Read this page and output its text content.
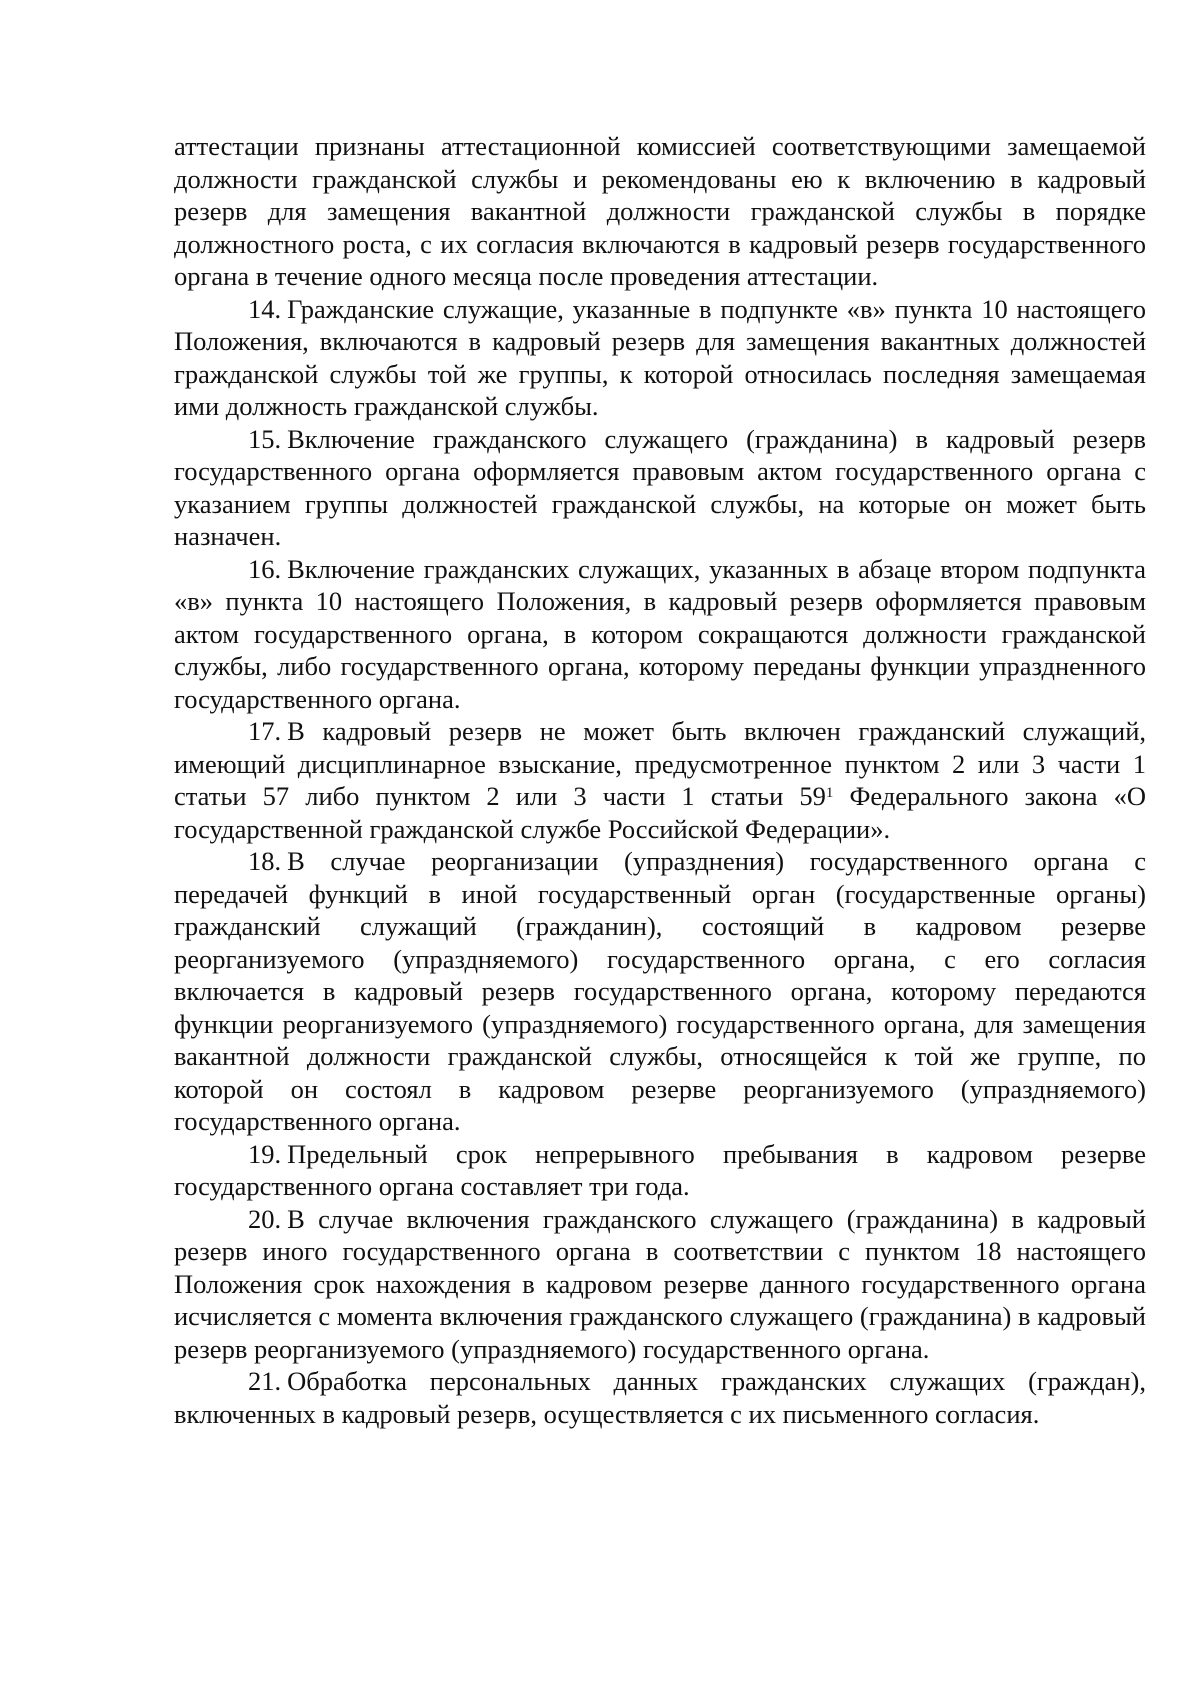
аттестации признаны аттестационной комиссией соответствующими замещаемой должности гражданской службы и рекомендованы ею к включению в кадровый резерв для замещения вакантной должности гражданской службы в порядке должностного роста, с их согласия включаются в кадровый резерв государственного органа в течение одного месяца после проведения аттестации.

14. Гражданские служащие, указанные в подпункте «в» пункта 10 настоящего Положения, включаются в кадровый резерв для замещения вакантных должностей гражданской службы той же группы, к которой относилась последняя замещаемая ими должность гражданской службы.

15. Включение гражданского служащего (гражданина) в кадровый резерв государственного органа оформляется правовым актом государственного органа с указанием группы должностей гражданской службы, на которые он может быть назначен.

16. Включение гражданских служащих, указанных в абзаце втором подпункта «в» пункта 10 настоящего Положения, в кадровый резерв оформляется правовым актом государственного органа, в котором сокращаются должности гражданской службы, либо государственного органа, которому переданы функции упраздненного государственного органа.

17. В кадровый резерв не может быть включен гражданский служащий, имеющий дисциплинарное взыскание, предусмотренное пунктом 2 или 3 части 1 статьи 57 либо пунктом 2 или 3 части 1 статьи $59^1$ Федерального закона «О государственной гражданской службе Российской Федерации».

18. В случае реорганизации (упразднения) государственного органа с передачей функций в иной государственный орган (государственные органы) гражданский служащий (гражданин), состоящий в кадровом резерве реорганизуемого (упраздняемого) государственного органа, с его согласия включается в кадровый резерв государственного органа, которому передаются функции реорганизуемого (упраздняемого) государственного органа, для замещения вакантной должности гражданской службы, относящейся к той же группе, по которой он состоял в кадровом резерве реорганизуемого (упраздняемого) государственного органа.

19. Предельный срок непрерывного пребывания в кадровом резерве государственного органа составляет три года.

20. В случае включения гражданского служащего (гражданина) в кадровый резерв иного государственного органа в соответствии с пунктом 18 настоящего Положения срок нахождения в кадровом резерве данного государственного органа исчисляется с момента включения гражданского служащего (гражданина) в кадровый резерв реорганизуемого (упраздняемого) государственного органа.

21. Обработка персональных данных гражданских служащих (граждан), включенных в кадровый резерв, осуществляется с их письменного согласия.
